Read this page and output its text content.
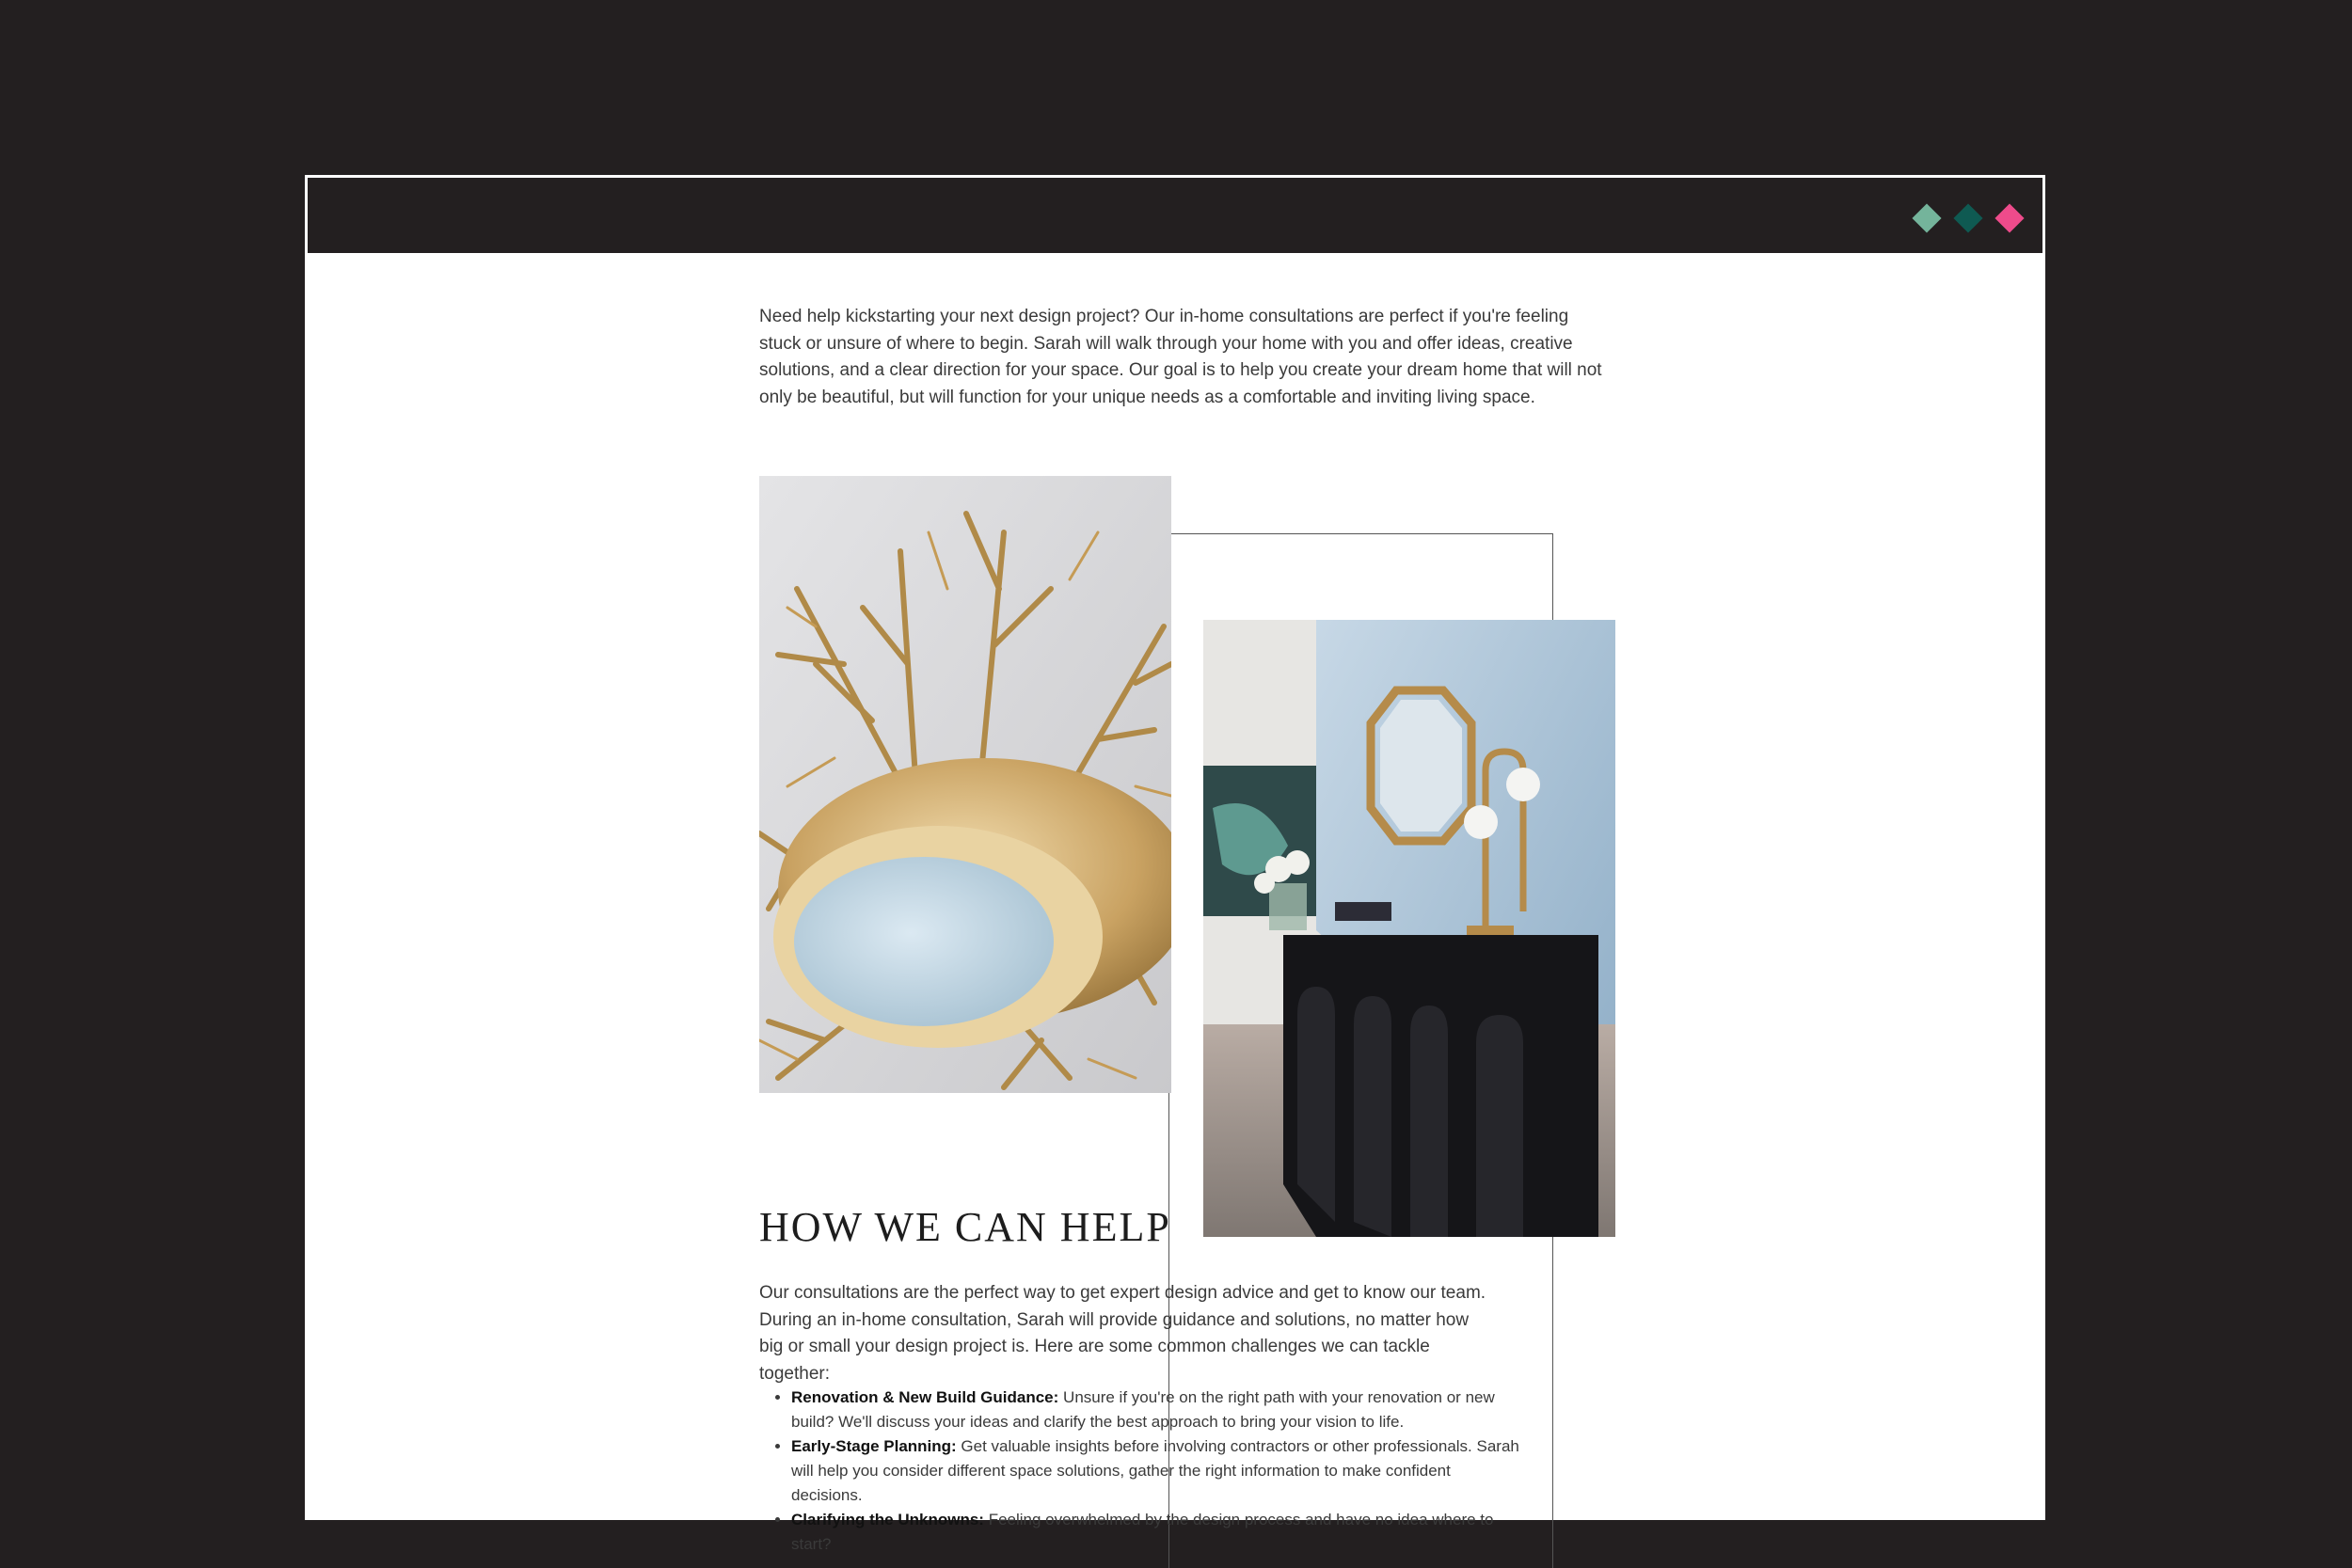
Need help kickstarting your next design project? Our in-home consultations are perfect if you're feeling stuck or unsure of where to begin. Sarah will walk through your home with you and offer ideas, creative solutions, and a clear direction for your space. Our goal is to help you create your dream home that will not only be beautiful, but will function for your unique needs as a comfortable and inviting living space.

HOW WE CAN HELP

Our consultations are the perfect way to get expert design advice and get to know our team. During an in-home consultation, Sarah will provide guidance and solutions, no matter how big or small your design project is. Here are some common challenges we can tackle together:

• Renovation & New Build Guidance: Unsure if you're on the right path with your renovation or new build? We'll discuss your ideas and clarify the best approach to bring your vision to life.
• Early-Stage Planning: Get valuable insights before involving contractors or other professionals. Sarah will help you consider different space solutions, gather the right information to make confident decisions.
• Clarifying the Unknowns: Feeling overwhelmed by the design process and have no idea where to start?
